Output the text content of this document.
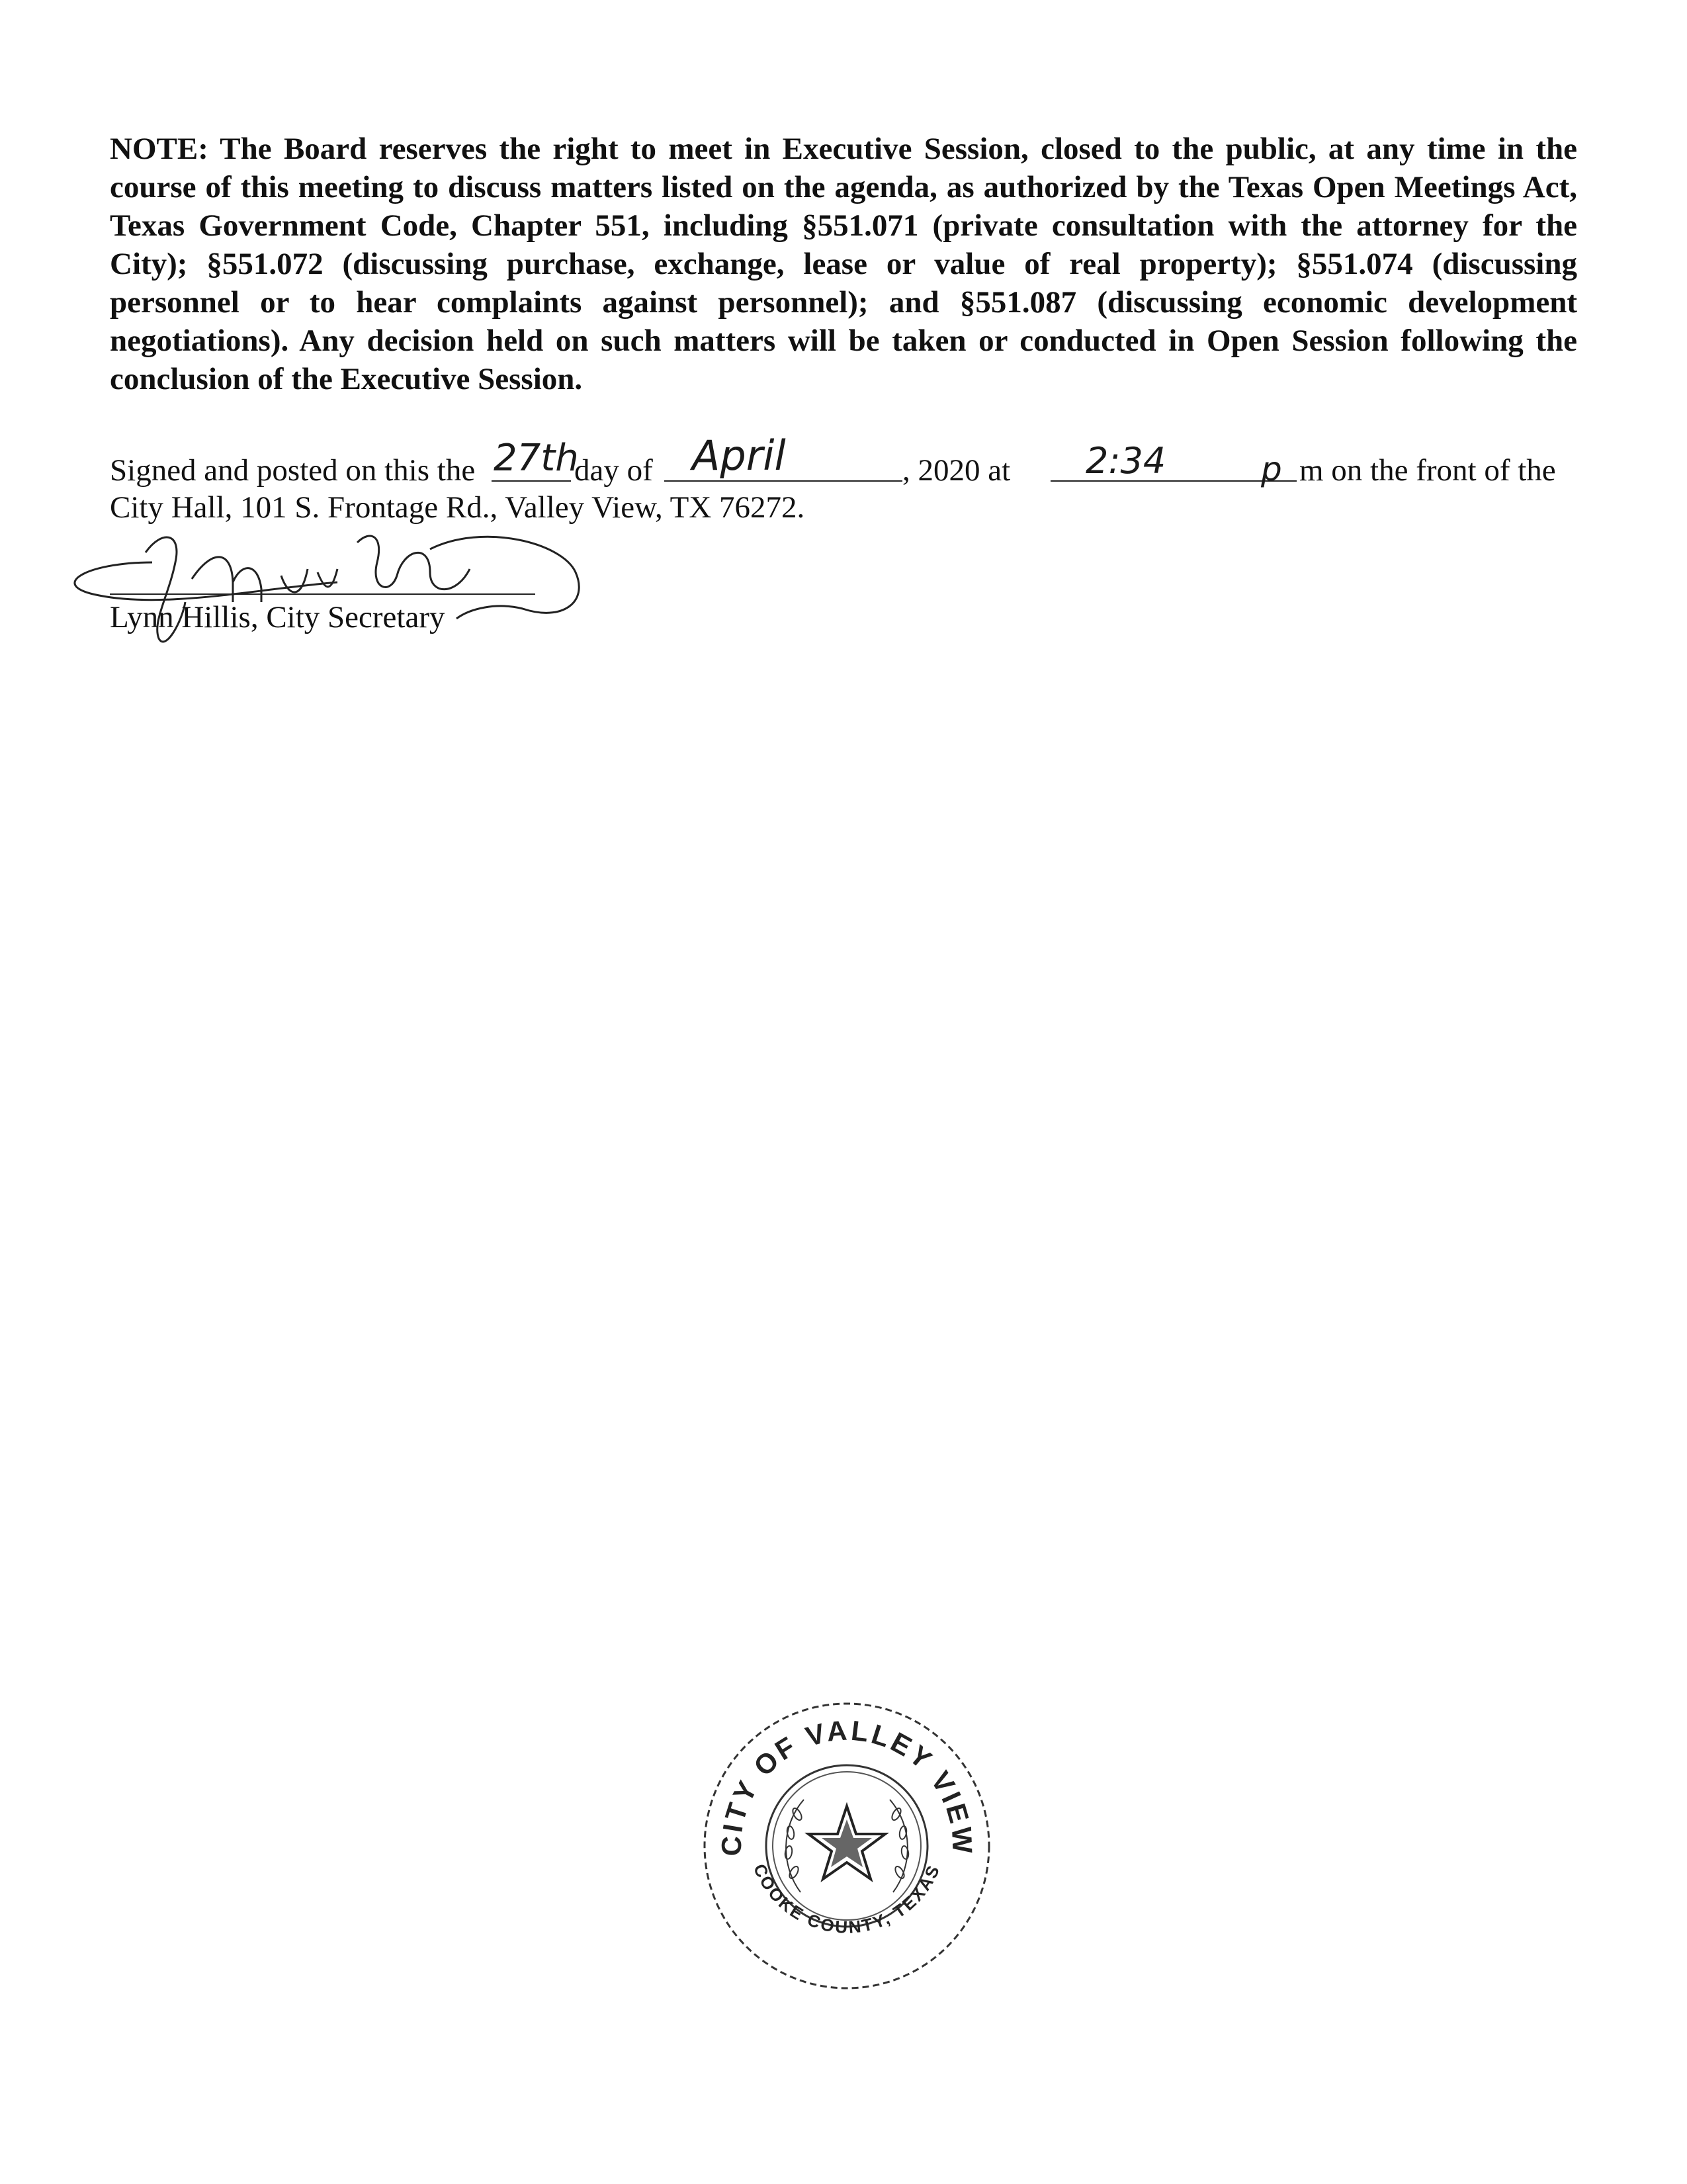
NOTE: The Board reserves the right to meet in Executive Session, closed to the public, at any time in the course of this meeting to discuss matters listed on the agenda, as authorized by the Texas Open Meetings Act, Texas Government Code, Chapter 551, including §551.071 (private consultation with the attorney for the City); §551.072 (discussing purchase, exchange, lease or value of real property); §551.074 (discussing personnel or to hear complaints against personnel); and §551.087 (discussing economic development negotiations). Any decision held on such matters will be taken or conducted in Open Session following the conclusion of the Executive Session.

Signed and posted on this the 27th
day of April	, 2020 at 2:34	p m on the front of the
City Hall, 101 S. Frontage Rd., Valley View, TX 76272.
Lynn Hillis, City Secretary
CITY OF VALLEY VIEW
COOKE COUNTY, TEXAS
